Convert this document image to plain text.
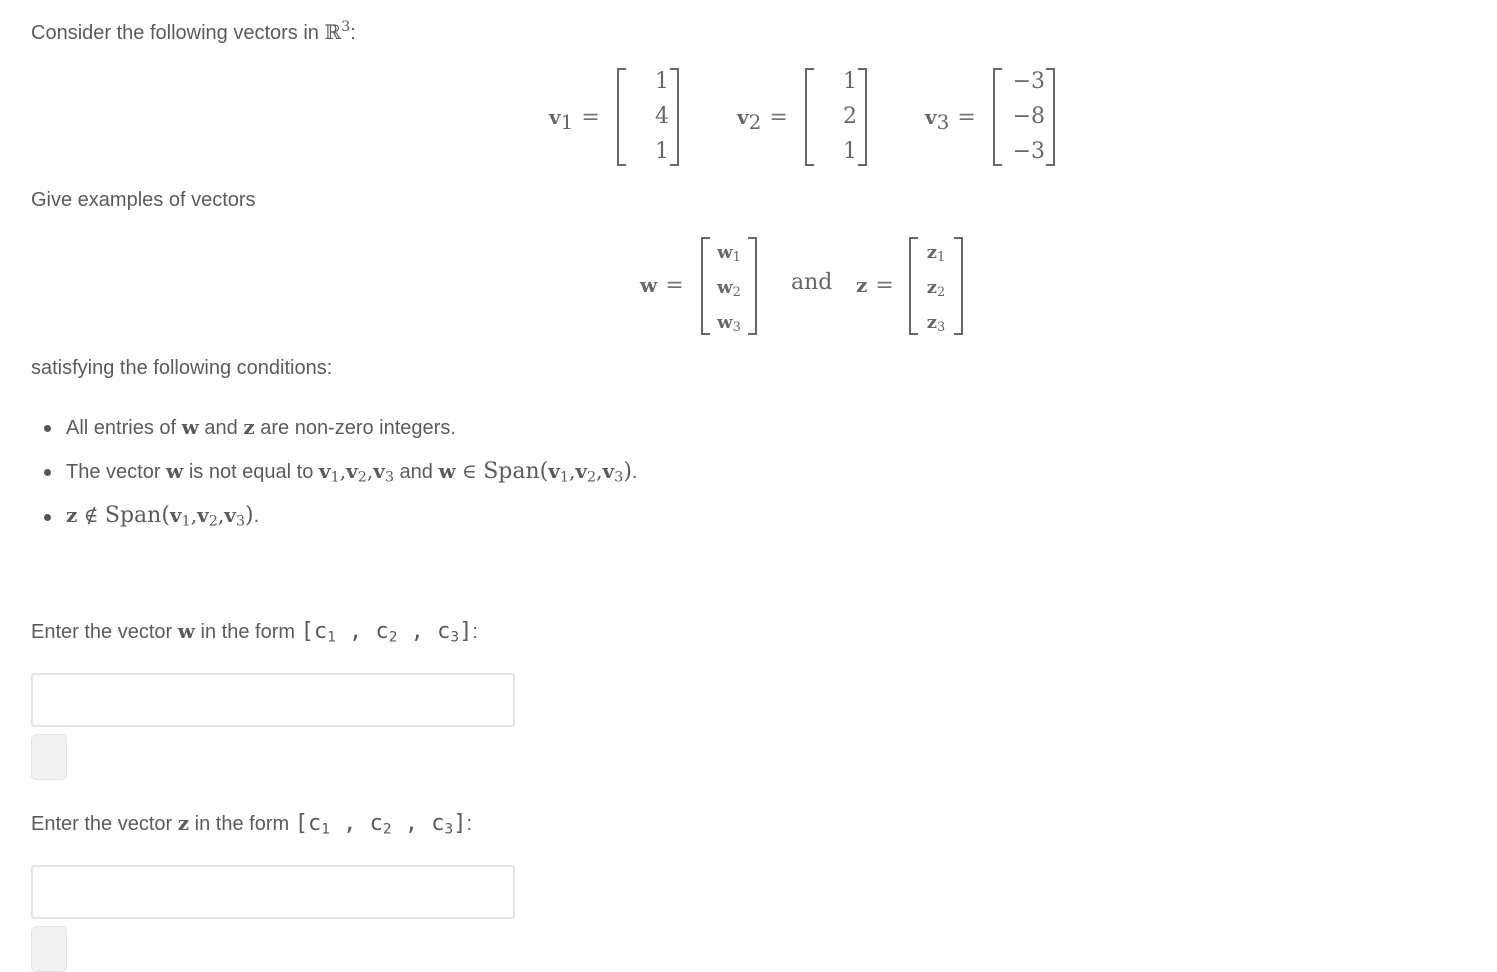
Consider the following vectors in ℝ$^3$:
$v_1$ =
1
4
1
$v_2$ =
1
2
1
$v_3$ =
−3
−8
−3
Give examples of vectors
w =
$w_1$
$w_2$
$w_3$
and z =
$z_1$
$z_2$
$z_3$
satisfying the following conditions:
All entries of w and z are non-zero integers.
The vector w is not equal to $v_1,v_2,v_3$ and w ∈ $Span(v_1,v_2,v_3)$.
z ∉ $Span(v_1,v_2,v_3)$.
Enter the vector w in the form [$c_1$ , $c_2$ , $c_3$]:
Enter the vector z in the form [$c_1$ , $c_2$ , $c_3$]:
